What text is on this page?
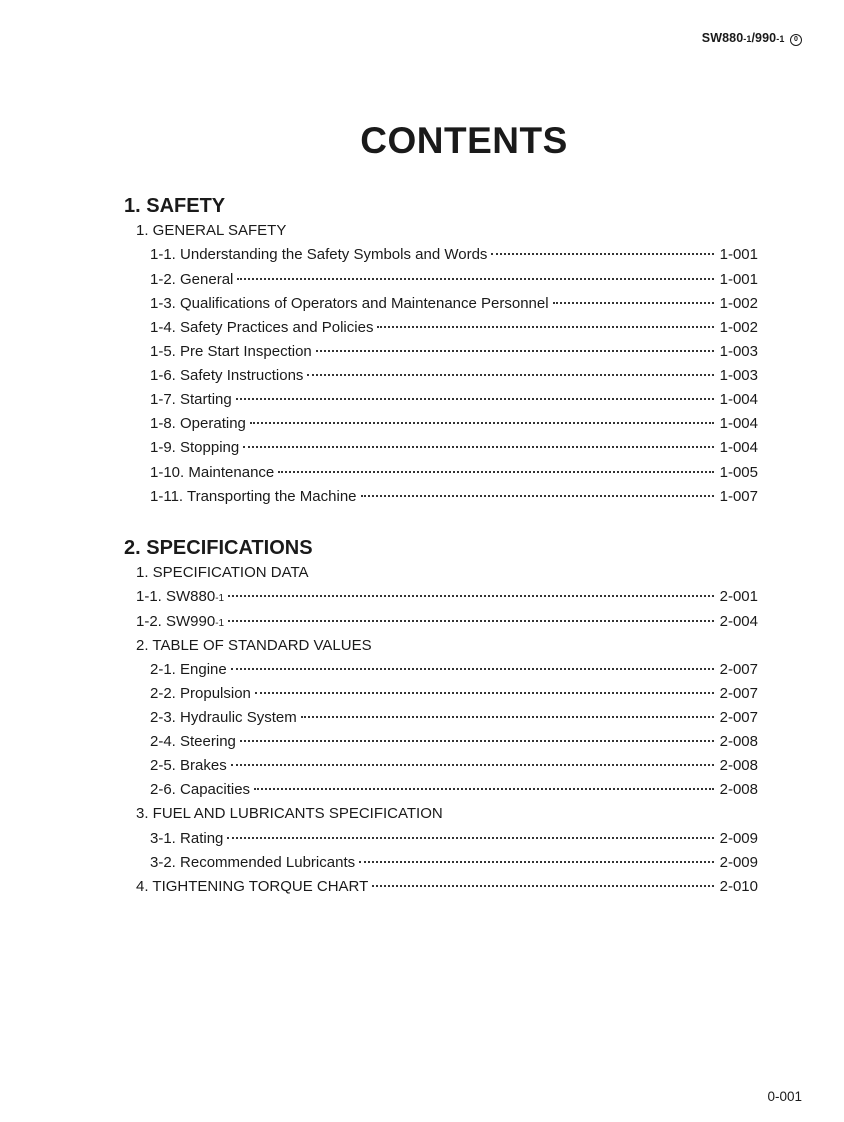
SW880-1/990-1 0
CONTENTS
1. SAFETY
1. GENERAL SAFETY
1-1. Understanding the Safety Symbols and Words	1-001
1-2. General	1-001
1-3. Qualifications of Operators and Maintenance Personnel	1-002
1-4. Safety Practices and Policies	1-002
1-5. Pre Start Inspection	1-003
1-6. Safety Instructions	1-003
1-7. Starting	1-004
1-8. Operating	1-004
1-9. Stopping	1-004
1-10. Maintenance	1-005
1-11. Transporting the Machine	1-007
2. SPECIFICATIONS
1. SPECIFICATION DATA
1-1. SW880-1	2-001
1-2. SW990-1	2-004
2. TABLE OF STANDARD VALUES
2-1. Engine	2-007
2-2. Propulsion	2-007
2-3. Hydraulic System	2-007
2-4. Steering	2-008
2-5. Brakes	2-008
2-6. Capacities	2-008
3. FUEL AND LUBRICANTS SPECIFICATION
3-1. Rating	2-009
3-2. Recommended Lubricants	2-009
4. TIGHTENING TORQUE CHART	2-010
0-001
